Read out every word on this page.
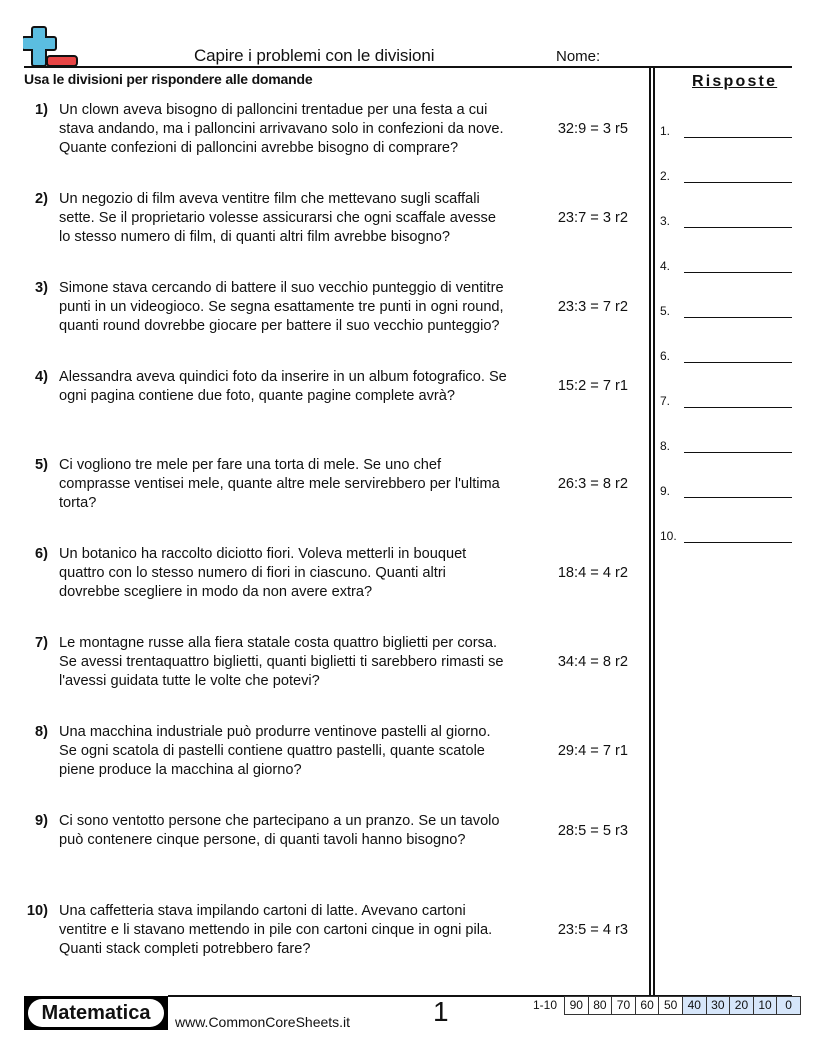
Capire i problemi con le divisioni	Nome:
Usa le divisioni per rispondere alle domande	Risposte
1.
2.
3.
4.
5.
6.
7.
8.
9.
10.
1) Un clown aveva bisogno di palloncini trentadue per una festa a cui
stava andando, ma i palloncini arrivavano solo in confezioni da nove.
Quante confezioni di palloncini avrebbe bisogno di comprare?
32:9 = 3 r5
2) Un negozio di film aveva ventitre film che mettevano sugli scaffali
sette. Se il proprietario volesse assicurarsi che ogni scaffale avesse
lo stesso numero di film, di quanti altri film avrebbe bisogno?
23:7 = 3 r2
3) Simone stava cercando di battere il suo vecchio punteggio di ventitre
punti in un videogioco. Se segna esattamente tre punti in ogni round,
quanti round dovrebbe giocare per battere il suo vecchio punteggio?
23:3 = 7 r2
4) Alessandra aveva quindici foto da inserire in un album fotografico. Se
ogni pagina contiene due foto, quante pagine complete avrà?
15:2 = 7 r1
5) Ci vogliono tre mele per fare una torta di mele. Se uno chef
comprasse ventisei mele, quante altre mele servirebbero per l'ultima
torta?
26:3 = 8 r2
6) Un botanico ha raccolto diciotto fiori. Voleva metterli in bouquet
quattro con lo stesso numero di fiori in ciascuno. Quanti altri
dovrebbe scegliere in modo da non avere extra?
18:4 = 4 r2
7) Le montagne russe alla fiera statale costa quattro biglietti per corsa.
Se avessi trentaquattro biglietti, quanti biglietti ti sarebbero rimasti se
l'avessi guidata tutte le volte che potevi?
34:4 = 8 r2
8) Una macchina industriale può produrre ventinove pastelli al giorno.
Se ogni scatola di pastelli contiene quattro pastelli, quante scatole
piene produce la macchina al giorno?
29:4 = 7 r1
9) Ci sono ventotto persone che partecipano a un pranzo. Se un tavolo
può contenere cinque persone, di quanti tavoli hanno bisogno?
28:5 = 5 r3
10) Una caffetteria stava impilando cartoni di latte. Avevano cartoni
ventitre e li stavano mettendo in pile con cartoni cinque in ogni pila.
Quanti stack completi potrebbero fare?
23:5 = 4 r3
Matematica	www.CommonCoreSheets.it	1	1-10	90 80 70 60 50 40 30 20 10	0
